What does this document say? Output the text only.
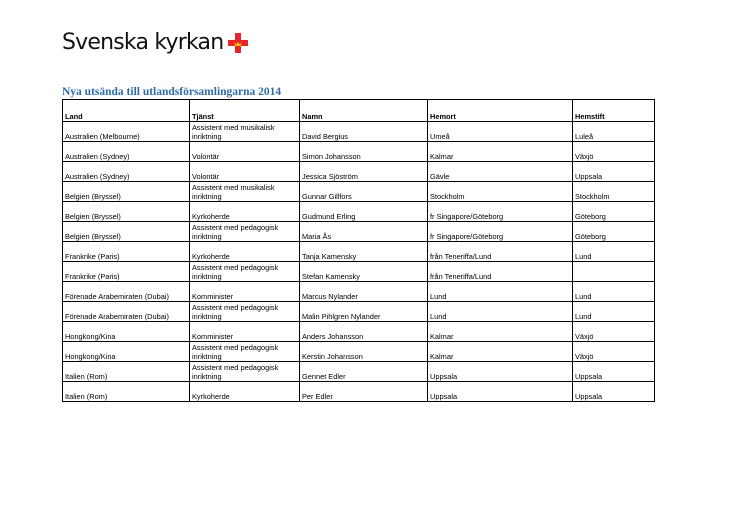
Svenska kyrkan
Nya utsända till utlandsförsamlingarna 2014
Land	Tjänst	Namn	Hemort	Hemstift
Australien (Melbourne)	Assistent med musikalisk inriktning	David Bergius	Umeå	Luleå
Australien (Sydney)	Volontär	Simon Johansson	Kalmar	Växjö
Australien (Sydney)	Volontär	Jessica Sjöström	Gävle	Uppsala
Belgien (Bryssel)	Assistent med musikalisk inriktning	Gunnar Gillfors	Stockholm	Stockholm
Belgien (Bryssel)	Kyrkoherde	Gudmund Erling	fr Singapore/Göteborg	Göteborg
Belgien (Bryssel)	Assistent med pedagogisk inriktning	Maria Ås	fr Singapore/Göteborg	Göteborg
Frankrike (Paris)	Kyrkoherde	Tanja Kamensky	från Teneriffa/Lund	Lund
Frankrike (Paris)	Assistent med pedagogisk inriktning	Stefan Kamensky	från Teneriffa/Lund	
Förenade Arabemiraten (Dubai)	Komminister	Marcus Nylander	Lund	Lund
Förenade Arabemiraten (Dubai)	Assistent med pedagogisk inriktning	Malin Pihlgren Nylander	Lund	Lund
Hongkong/Kina	Komminister	Anders Johansson	Kalmar	Växjö
Hongkong/Kina	Assistent med pedagogisk inriktning	Kerstin Johansson	Kalmar	Växjö
Italien (Rom)	Assistent med pedagogisk inriktning	Gennet Edler	Uppsala	Uppsala
Italien (Rom)	Kyrkoherde	Per Edler	Uppsala	Uppsala
